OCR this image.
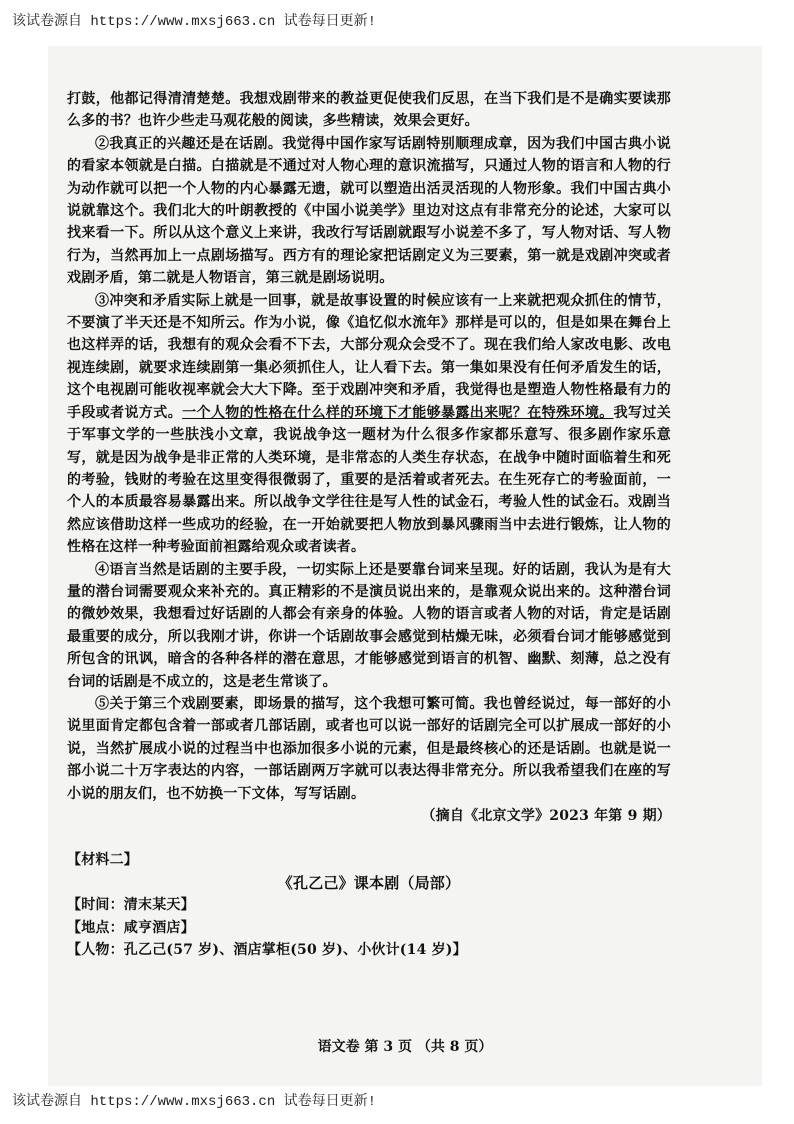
该试卷源自 https://www.mxsj663.cn 试卷每日更新!

打鼓，他都记得清清楚楚。我想戏剧带来的教益更促使我们反思，在当下我们是不是确实要读那么多的书？也许少些走马观花般的阅读，多些精读，效果会更好。

②我真正的兴趣还是在话剧。我觉得中国作家写话剧特别顺理成章，因为我们中国古典小说的看家本领就是白描。白描就是不通过对人物心理的意识流描写，只通过人物的语言和人物的行为动作就可以把一个人物的内心暴露无遗，就可以塑造出活灵活现的人物形象。我们中国古典小说就靠这个。我们北大的叶朗教授的《中国小说美学》里边对这点有非常充分的论述，大家可以找来看一下。所以从这个意义上来讲，我改行写话剧就跟写小说差不多了，写人物对话、写人物行为，当然再加上一点剧场描写。西方有的理论家把话剧定义为三要素，第一就是戏剧冲突或者戏剧矛盾，第二就是人物语言，第三就是剧场说明。

③冲突和矛盾实际上就是一回事，就是故事设置的时候应该有一上来就把观众抓住的情节，不要演了半天还是不知所云。作为小说，像《追忆似水流年》那样是可以的，但是如果在舞台上也这样弄的话，我想有的观众会看不下去，大部分观众会受不了。现在我们给人家改电影、改电视连续剧，就要求连续剧第一集必须抓住人，让人看下去。第一集如果没有任何矛盾发生的话，这个电视剧可能收视率就会大大下降。至于戏剧冲突和矛盾，我觉得也是塑造人物性格最有力的手段或者说方式。一个人物的性格在什么样的环境下才能够暴露出来呢？在特殊环境。我写过关于军事文学的一些肤浅小文章，我说战争这一题材为什么很多作家都乐意写、很多剧作家乐意写，就是因为战争是非正常的人类环境，是非常态的人类生存状态，在战争中随时面临着生和死的考验，钱财的考验在这里变得很微弱了，重要的是活着或者死去。在生死存亡的考验面前，一个人的本质最容易暴露出来。所以战争文学往往是写人性的试金石，考验人性的试金石。戏剧当然应该借助这样一些成功的经验，在一开始就要把人物放到暴风骤雨当中去进行锻炼，让人物的性格在这样一种考验面前袒露给观众或者读者。

④语言当然是话剧的主要手段，一切实际上还是要靠台词来呈现。好的话剧，我认为是有大量的潜台词需要观众来补充的。真正精彩的不是演员说出来的，是靠观众说出来的。这种潜台词的微妙效果，我想看过好话剧的人都会有亲身的体验。人物的语言或者人物的对话，肯定是话剧最重要的成分，所以我刚才讲，你讲一个话剧故事会感觉到枯燥无味，必须看台词才能够感觉到所包含的讯讽，暗含的各种各样的潜在意思，才能够感觉到语言的机智、幽默、刻薄，总之没有台词的话剧是不成立的，这是老生常谈了。

⑤关于第三个戏剧要素，即场景的描写，这个我想可繁可简。我也曾经说过，每一部好的小说里面肯定都包含着一部或者几部话剧，或者也可以说一部好的话剧完全可以扩展成一部好的小说，当然扩展成小说的过程当中也添加很多小说的元素，但是最终核心的还是话剧。也就是说一部小说二十万字表达的内容，一部话剧两万字就可以表达得非常充分。所以我希望我们在座的写小说的朋友们，也不妨换一下文体，写写话剧。

（摘自《北京文学》2023 年第 9 期）

【材料二】

《孔乙己》课本剧（局部）

【时间：清末某天】

【地点：咸亨酒店】

【人物：孔乙己(57 岁)、酒店掌柜(50 岁)、小伙计(14 岁)】

语文卷 第 3 页 （共 8 页）
该试卷源自 https://www.mxsj663.cn 试卷每日更新!
